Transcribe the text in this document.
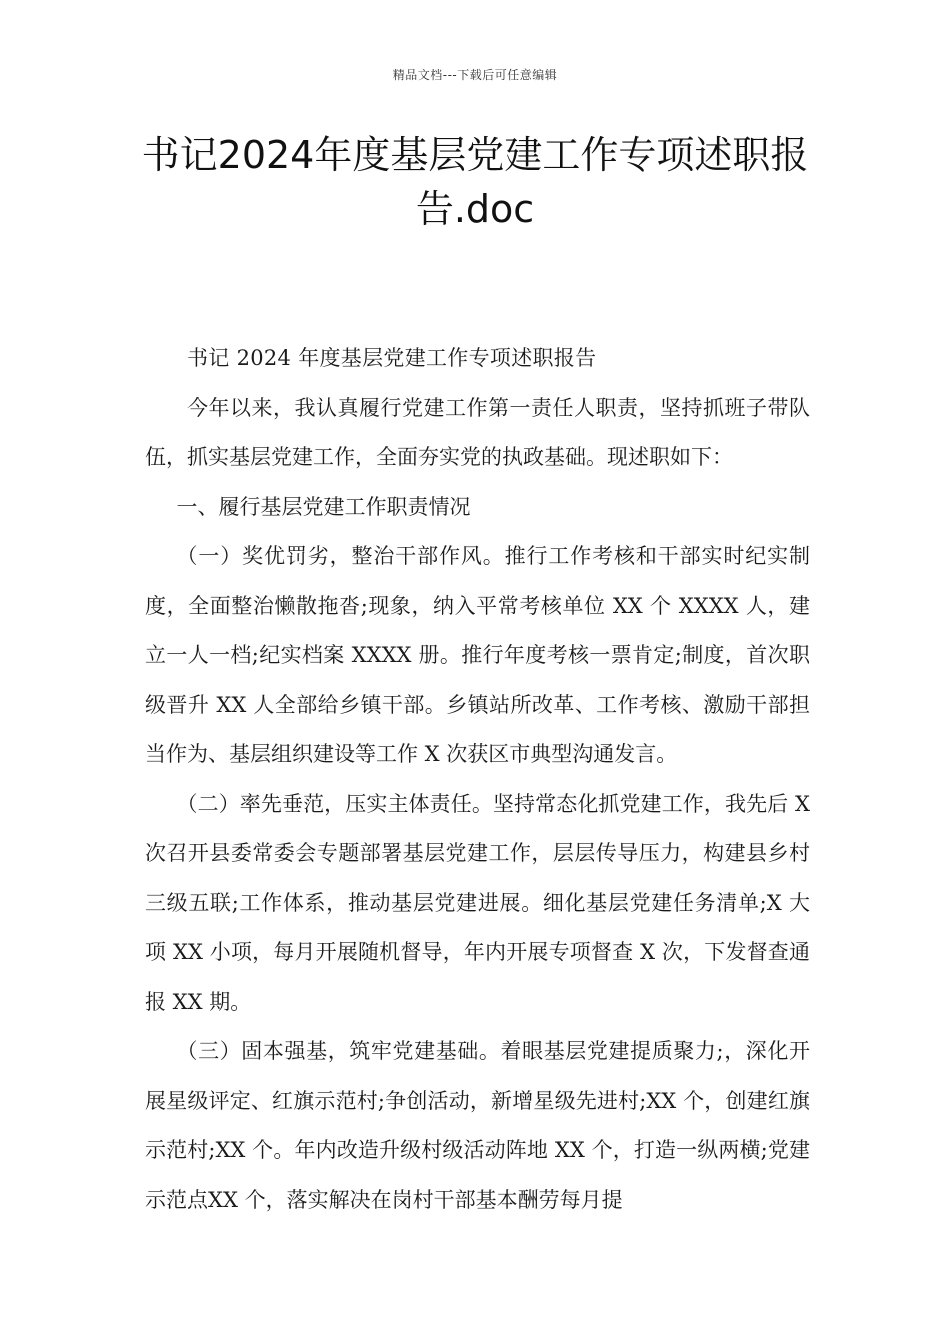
精品文档---下载后可任意编辑
书记2024年度基层党建工作专项述职报告.doc

书记 2024 年度基层党建工作专项述职报告

今年以来，我认真履行党建工作第一责任人职责，坚持抓班子带队伍，抓实基层党建工作，全面夯实党的执政基础。现述职如下：

一、履行基层党建工作职责情况

（一）奖优罚劣，整治干部作风。推行工作考核和干部实时纪实制度，全面整治懒散拖沓;现象，纳入平常考核单位 XX 个 XXXX 人，建立一人一档;纪实档案 XXXX 册。推行年度考核一票肯定;制度，首次职级晋升 XX 人全部给乡镇干部。乡镇站所改革、工作考核、激励干部担当作为、基层组织建设等工作 X 次获区市典型沟通发言。

（二）率先垂范，压实主体责任。坚持常态化抓党建工作，我先后 X 次召开县委常委会专题部署基层党建工作，层层传导压力，构建县乡村三级五联;工作体系，推动基层党建进展。细化基层党建任务清单;X 大项 XX 小项，每月开展随机督导，年内开展专项督查 X 次，下发督查通报 XX 期。

（三）固本强基，筑牢党建基础。着眼基层党建提质聚力;，深化开展星级评定、红旗示范村;争创活动，新增星级先进村;XX 个，创建红旗示范村;XX 个。年内改造升级村级活动阵地 XX 个，打造一纵两横;党建示范点XX 个，落实解决在岗村干部基本酬劳每月提
